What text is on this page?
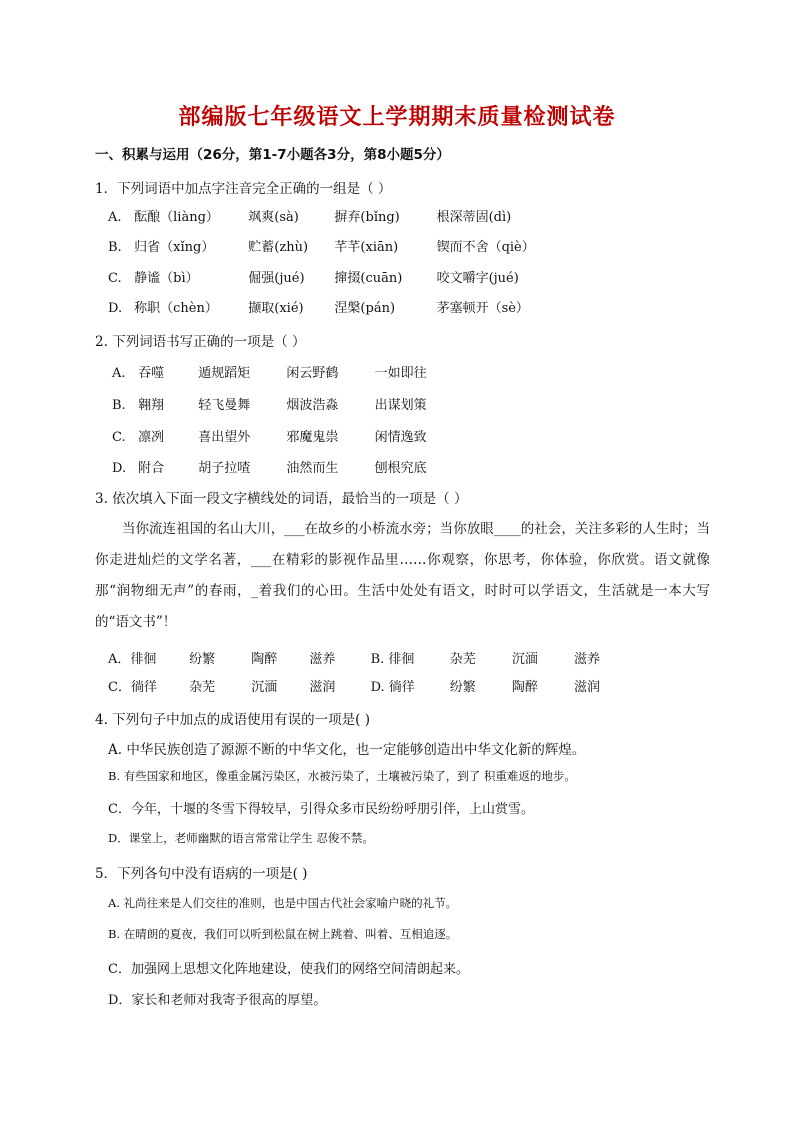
部编版七年级语文上学期期末质量检测试卷
一、积累与运用（26分，第1-7小题各3分，第8小题5分）
1．下列词语中加点字注音完全正确的一组是（ ）
A. 酝酿（liàng） 飒爽(sà)	摒弃(bǐng)	根深蒂固(dì)
B. 归省（xǐng）	贮蓄(zhù) 芊芊(xiān)	锲而不舍（qiè）
C. 静谧（bì）	倔强(jué) 撺掇(cuān)	咬文嚼字(jué)
D. 称职（chèn） 撷取(xié) 涅槃(pán)	茅塞顿开（sè）
2. 下列词语书写正确的一项是（ ）
A. 吞噬	遁规蹈矩	闲云野鹤	一如即往
B. 翱翔	轻飞曼舞	烟波浩淼	出谋划策
C. 凛冽	喜出望外	邪魔鬼祟	闲情逸致
D. 附合	胡子拉喳	油然而生	刨根究底
3. 依次填入下面一段文字横线处的词语，最恰当的一项是（ ）
当你流连祖国的名山大川，___在故乡的小桥流水旁；当你放眼____的社会，关注多彩的人生时；当你走进灿烂的文学名著，___在精彩的影视作品里……你观察，你思考，你体验，你欣赏。语文就像那“润物细无声”的春雨，_着我们的心田。生活中处处有语文，时时可以学语文，生活就是一本大写的“语文书”！
A．徘徊	纷繁	陶醉 滋养	B. 徘徊	杂芜	沉湎	滋养
C．徜徉 杂芜	沉湎 滋润	D. 徜徉	纷繁	陶醉	滋润
4. 下列句子中加点的成语使用有误的一项是( )
A. 中华民族创造了源源不断的中华文化，也一定能够创造出中华文化新的辉煌。
B. 有些国家和地区，像重金属污染区，水被污染了，土壤被污染了，到了 积重难返的地步。
C．今年，十堰的冬雪下得较早，引得众多市民纷纷呼朋引伴，上山赏雪。
D．课堂上，老师幽默的语言常常让学生 忍俊不禁。
5．下列各句中没有语病的一项是( )
A. 礼尚往来是人们交往的准则，也是中国古代社会家喻户晓的礼节。
B. 在晴朗的夏夜，我们可以听到松鼠在树上跳着、叫着、互相追逐。
C．加强网上思想文化阵地建设，使我们的网络空间清朗起来。
D．家长和老师对我寄予很高的厚望。
